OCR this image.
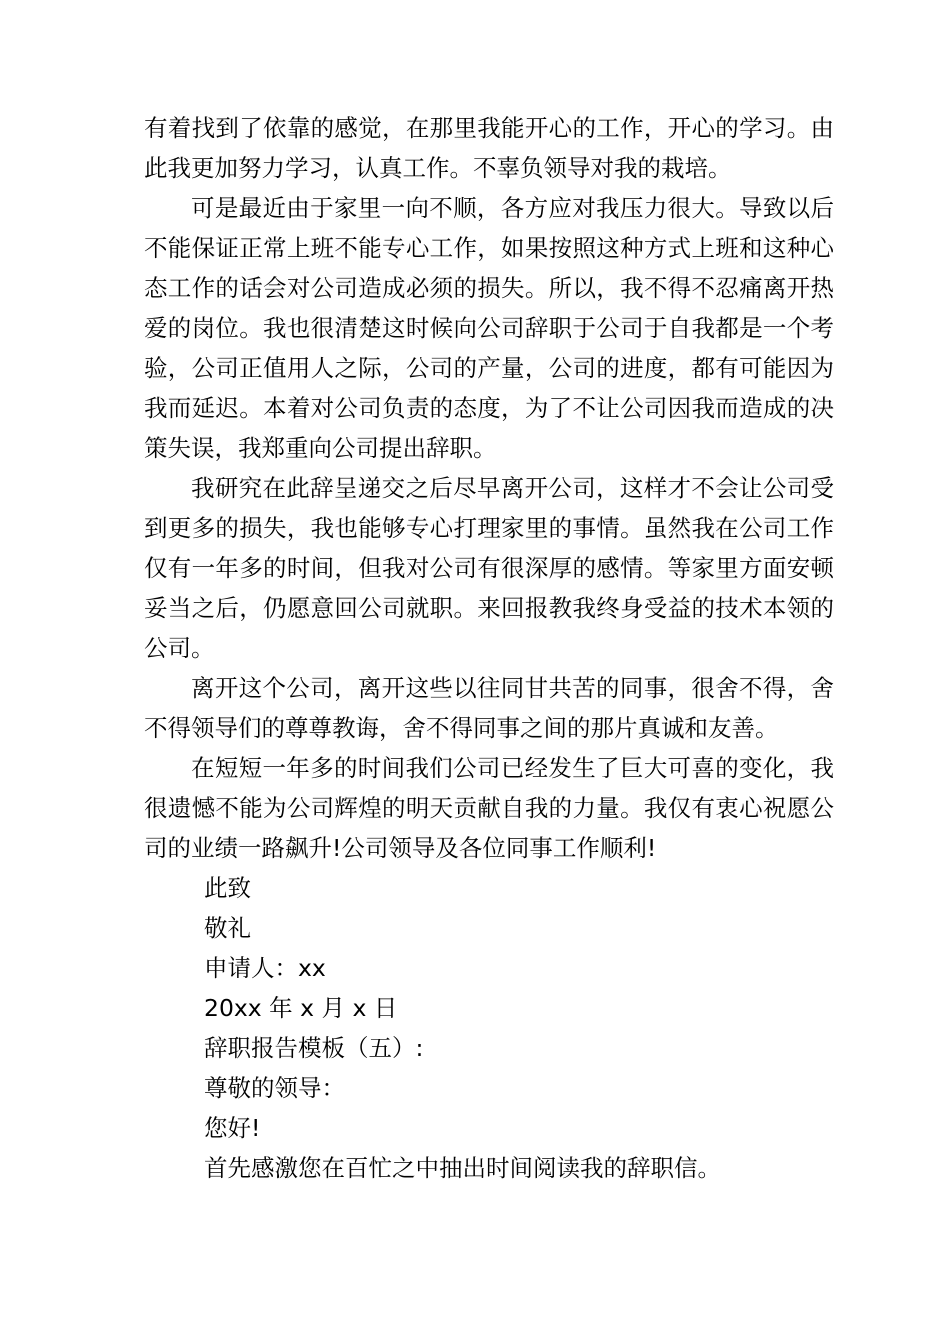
有着找到了依靠的感觉，在那里我能开心的工作，开心的学习。由此我更加努力学习，认真工作。不辜负领导对我的栽培。

可是最近由于家里一向不顺，各方应对我压力很大。导致以后不能保证正常上班不能专心工作，如果按照这种方式上班和这种心态工作的话会对公司造成必须的损失。所以，我不得不忍痛离开热爱的岗位。我也很清楚这时候向公司辞职于公司于自我都是一个考验，公司正值用人之际，公司的产量，公司的进度，都有可能因为我而延迟。本着对公司负责的态度，为了不让公司因我而造成的决策失误，我郑重向公司提出辞职。

我研究在此辞呈递交之后尽早离开公司，这样才不会让公司受到更多的损失，我也能够专心打理家里的事情。虽然我在公司工作仅有一年多的时间，但我对公司有很深厚的感情。等家里方面安顿妥当之后，仍愿意回公司就职。来回报教我终身受益的技术本领的公司。

离开这个公司，离开这些以往同甘共苦的同事，很舍不得，舍不得领导们的尊尊教诲，舍不得同事之间的那片真诚和友善。

在短短一年多的时间我们公司已经发生了巨大可喜的变化，我很遗憾不能为公司辉煌的明天贡献自我的力量。我仅有衷心祝愿公司的业绩一路飙升!公司领导及各位同事工作顺利!

此致

敬礼

申请人：xx

20xx 年 x 月 x 日

辞职报告模板（五）:

尊敬的领导：

您好!

首先感激您在百忙之中抽出时间阅读我的辞职信。
